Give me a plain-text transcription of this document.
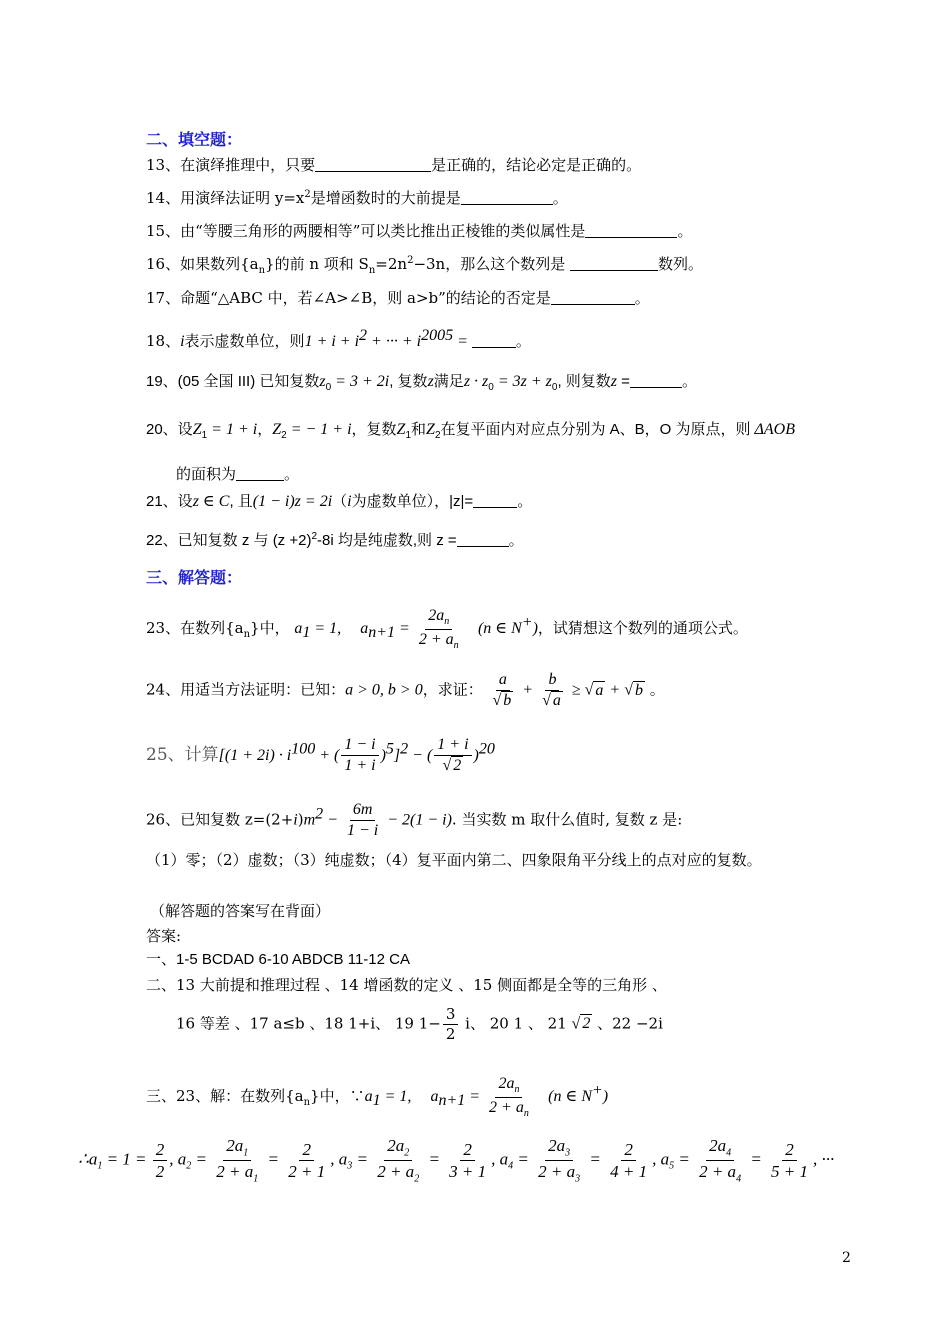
二、填空题：
13、在演绎推理中，只要	是正确的，结论必定是正确的。
14、用演绎法证明 $y=x^2$是增函数时的大前提是	。
15、由“等腰三角形的两腰相等”可以类比推出正棱锥的类似属性是	。
16、如果数列$\{a_n\}$的前 n 项和 $S_n=2n^2-3n$，那么这个数列是	数列。
17、命题“△ABC 中，若∠A>∠B，则 a>b”的结论的否定是	。
18、i表示虚数单位，则$1 + i + i^2$ + ··· + $i^{2005}$ =	。
19、(05 全国 III) 已知复数$z_0 = 3 + 2i$, 复数z满足$z \cdot z_0 = 3z + z_0$, 则复数z =	。
20、设$Z_1 = 1 + i$，$Z_2$ = − 1 + i，复数$Z_1$和$Z_2$在复平面内对应点分别为 A、B，O 为原点，则 ΔAOB
的面积为	。
21、设z ∈ C, 且(1 − i)z = 2i（i为虚数单位），|z|=	。
22、已知复数 z 与 $(z +2)^2-8i$ 均是纯虚数,则 z =	。
三、解答题：
23、在数列$\{a_n\}$中， $a_1 = 1$, $a_{n+1} = \frac{2a_n}{2 + a_n} (n$ ∈ N+)，试猜想这个数列的通项公式。
24、用适当方法证明：已知：a > 0, b > 0，求证： $\frac{a}{√ b} + \frac{b}{√ a}$ ≥ √ a + √ b 。
25、计算[$(1 + 2i) \cdot i^{100}$ + ( $\frac{1 - i}{1 + i} )^5]^2$ − ( $\frac{1 + i}{√ 2} )^{20}$
26、已知复数 $z=(2+i)m^2 - \frac{6m}{1 - i} - 2(1 - i)$. 当实数 m 取什么值时, 复数 z 是:
（1）零；（2）虚数；（3）纯虚数；（4）复平面内第二、四象限角平分线上的点对应的复数。
（解答题的答案写在背面）
答案:
一、1-5 BCDAD 6-10 ABDCB 11-12 CA
二、13 大前提和推理过程 、14 增函数的定义 、15 侧面都是全等的三角形 、
16 等差 、17 a≤b 、18 1+i、 19 $1- \frac{3}{2}$ i、 20 1 、 21 √ 2 、22 −2i
三、23、解：在数列$\{a_n\}$中，$\because a_1 = 1$, $a_{n+1} = \frac{2a_n}{2 + a_n} (n$ ∈ N+)
$\therefore a_1 = 1 = \frac{2}{2}$ , $a_2 = \frac{2a_1}{2 + a_1} = \frac{2}{2 + 1}$ , $a_3 = \frac{2a_2}{2 + a_2} = \frac{2}{3 + 1}$ , $a_4 = \frac{2a_3}{2 + a_3} = \frac{2}{4 + 1}$ , $a_5 = \frac{2a_4}{2 + a_4} = \frac{2}{5 + 1}$ , ···
2
